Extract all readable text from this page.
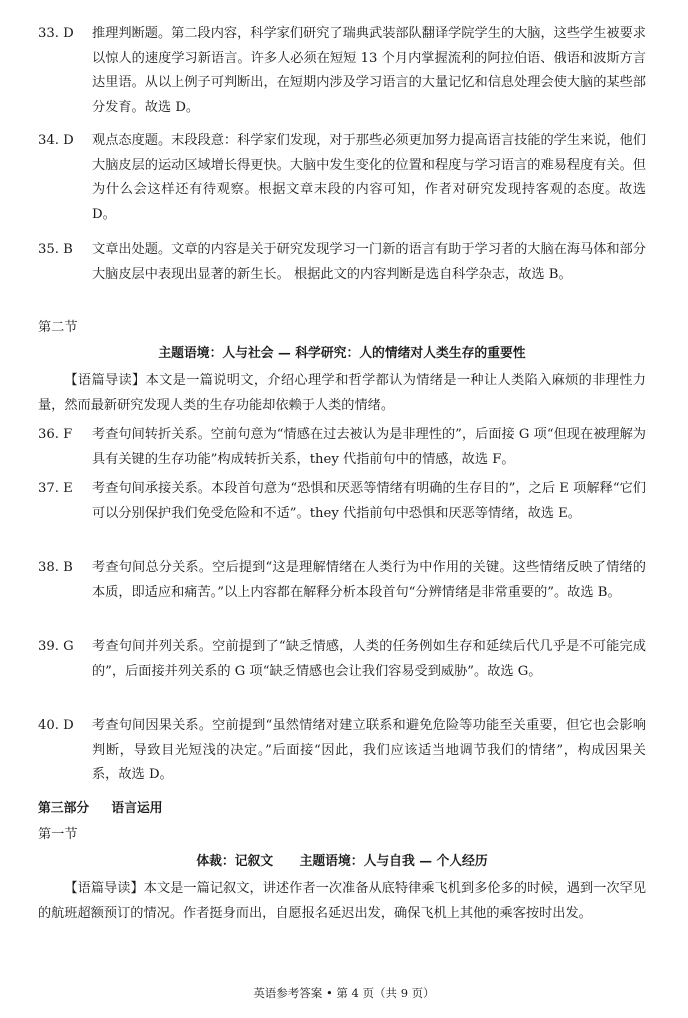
33. D	推理判断题。第二段内容，科学家们研究了瑞典武装部队翻译学院学生的大脑，这些学生被要求以惊人的速度学习新语言。许多人必须在短短 13 个月内掌握流利的阿拉伯语、俄语和波斯方言达里语。从以上例子可判断出，在短期内涉及学习语言的大量记忆和信息处理会使大脑的某些部分发育。故选 D。
34. D	观点态度题。末段段意：科学家们发现，对于那些必须更加努力提高语言技能的学生来说，他们大脑皮层的运动区域增长得更快。大脑中发生变化的位置和程度与学习语言的难易程度有关。但为什么会这样还有待观察。根据文章末段的内容可知，作者对研究发现持客观的态度。故选 D。
35. B	文章出处题。文章的内容是关于研究发现学习一门新的语言有助于学习者的大脑在海马体和部分大脑皮层中表现出显著的新生长。 根据此文的内容判断是选自科学杂志，故选 B。
第二节
主题语境：人与社会 — 科学研究：人的情绪对人类生存的重要性
【语篇导读】本文是一篇说明文，介绍心理学和哲学都认为情绪是一种让人类陷入麻烦的非理性力量，然而最新研究发现人类的生存功能却依赖于人类的情绪。
36. F	考查句间转折关系。空前句意为“情感在过去被认为是非理性的”，后面接 G 项“但现在被理解为具有关键的生存功能”构成转折关系，they 代指前句中的情感，故选 F。
37. E	考查句间承接关系。本段首句意为“恐惧和厌恶等情绪有明确的生存目的”，之后 E 项解释“它们可以分别保护我们免受危险和不适”。they 代指前句中恐惧和厌恶等情绪，故选 E。
38. B	考查句间总分关系。空后提到“这是理解情绪在人类行为中作用的关键。这些情绪反映了情绪的本质，即适应和痛苦。”以上内容都在解释分析本段首句“分辨情绪是非常重要的”。故选 B。
39. G	考查句间并列关系。空前提到了“缺乏情感，人类的任务例如生存和延续后代几乎是不可能完成的”，后面接并列关系的 G 项“缺乏情感也会让我们容易受到威胁”。故选 G。
40. D	考查句间因果关系。空前提到“虽然情绪对建立联系和避免危险等功能至关重要，但它也会影响判断，导致目光短浅的决定。”后面接“因此，我们应该适当地调节我们的情绪”，构成因果关系，故选 D。
第三部分 语言运用
第一节
体裁：记叙文 主题语境：人与自我 — 个人经历
【语篇导读】本文是一篇记叙文，讲述作者一次准备从底特律乘飞机到多伦多的时候，遇到一次罕见的航班超额预订的情况。作者挺身而出，自愿报名延迟出发，确保飞机上其他的乘客按时出发。
英语参考答案 • 第 4 页（共 9 页）
